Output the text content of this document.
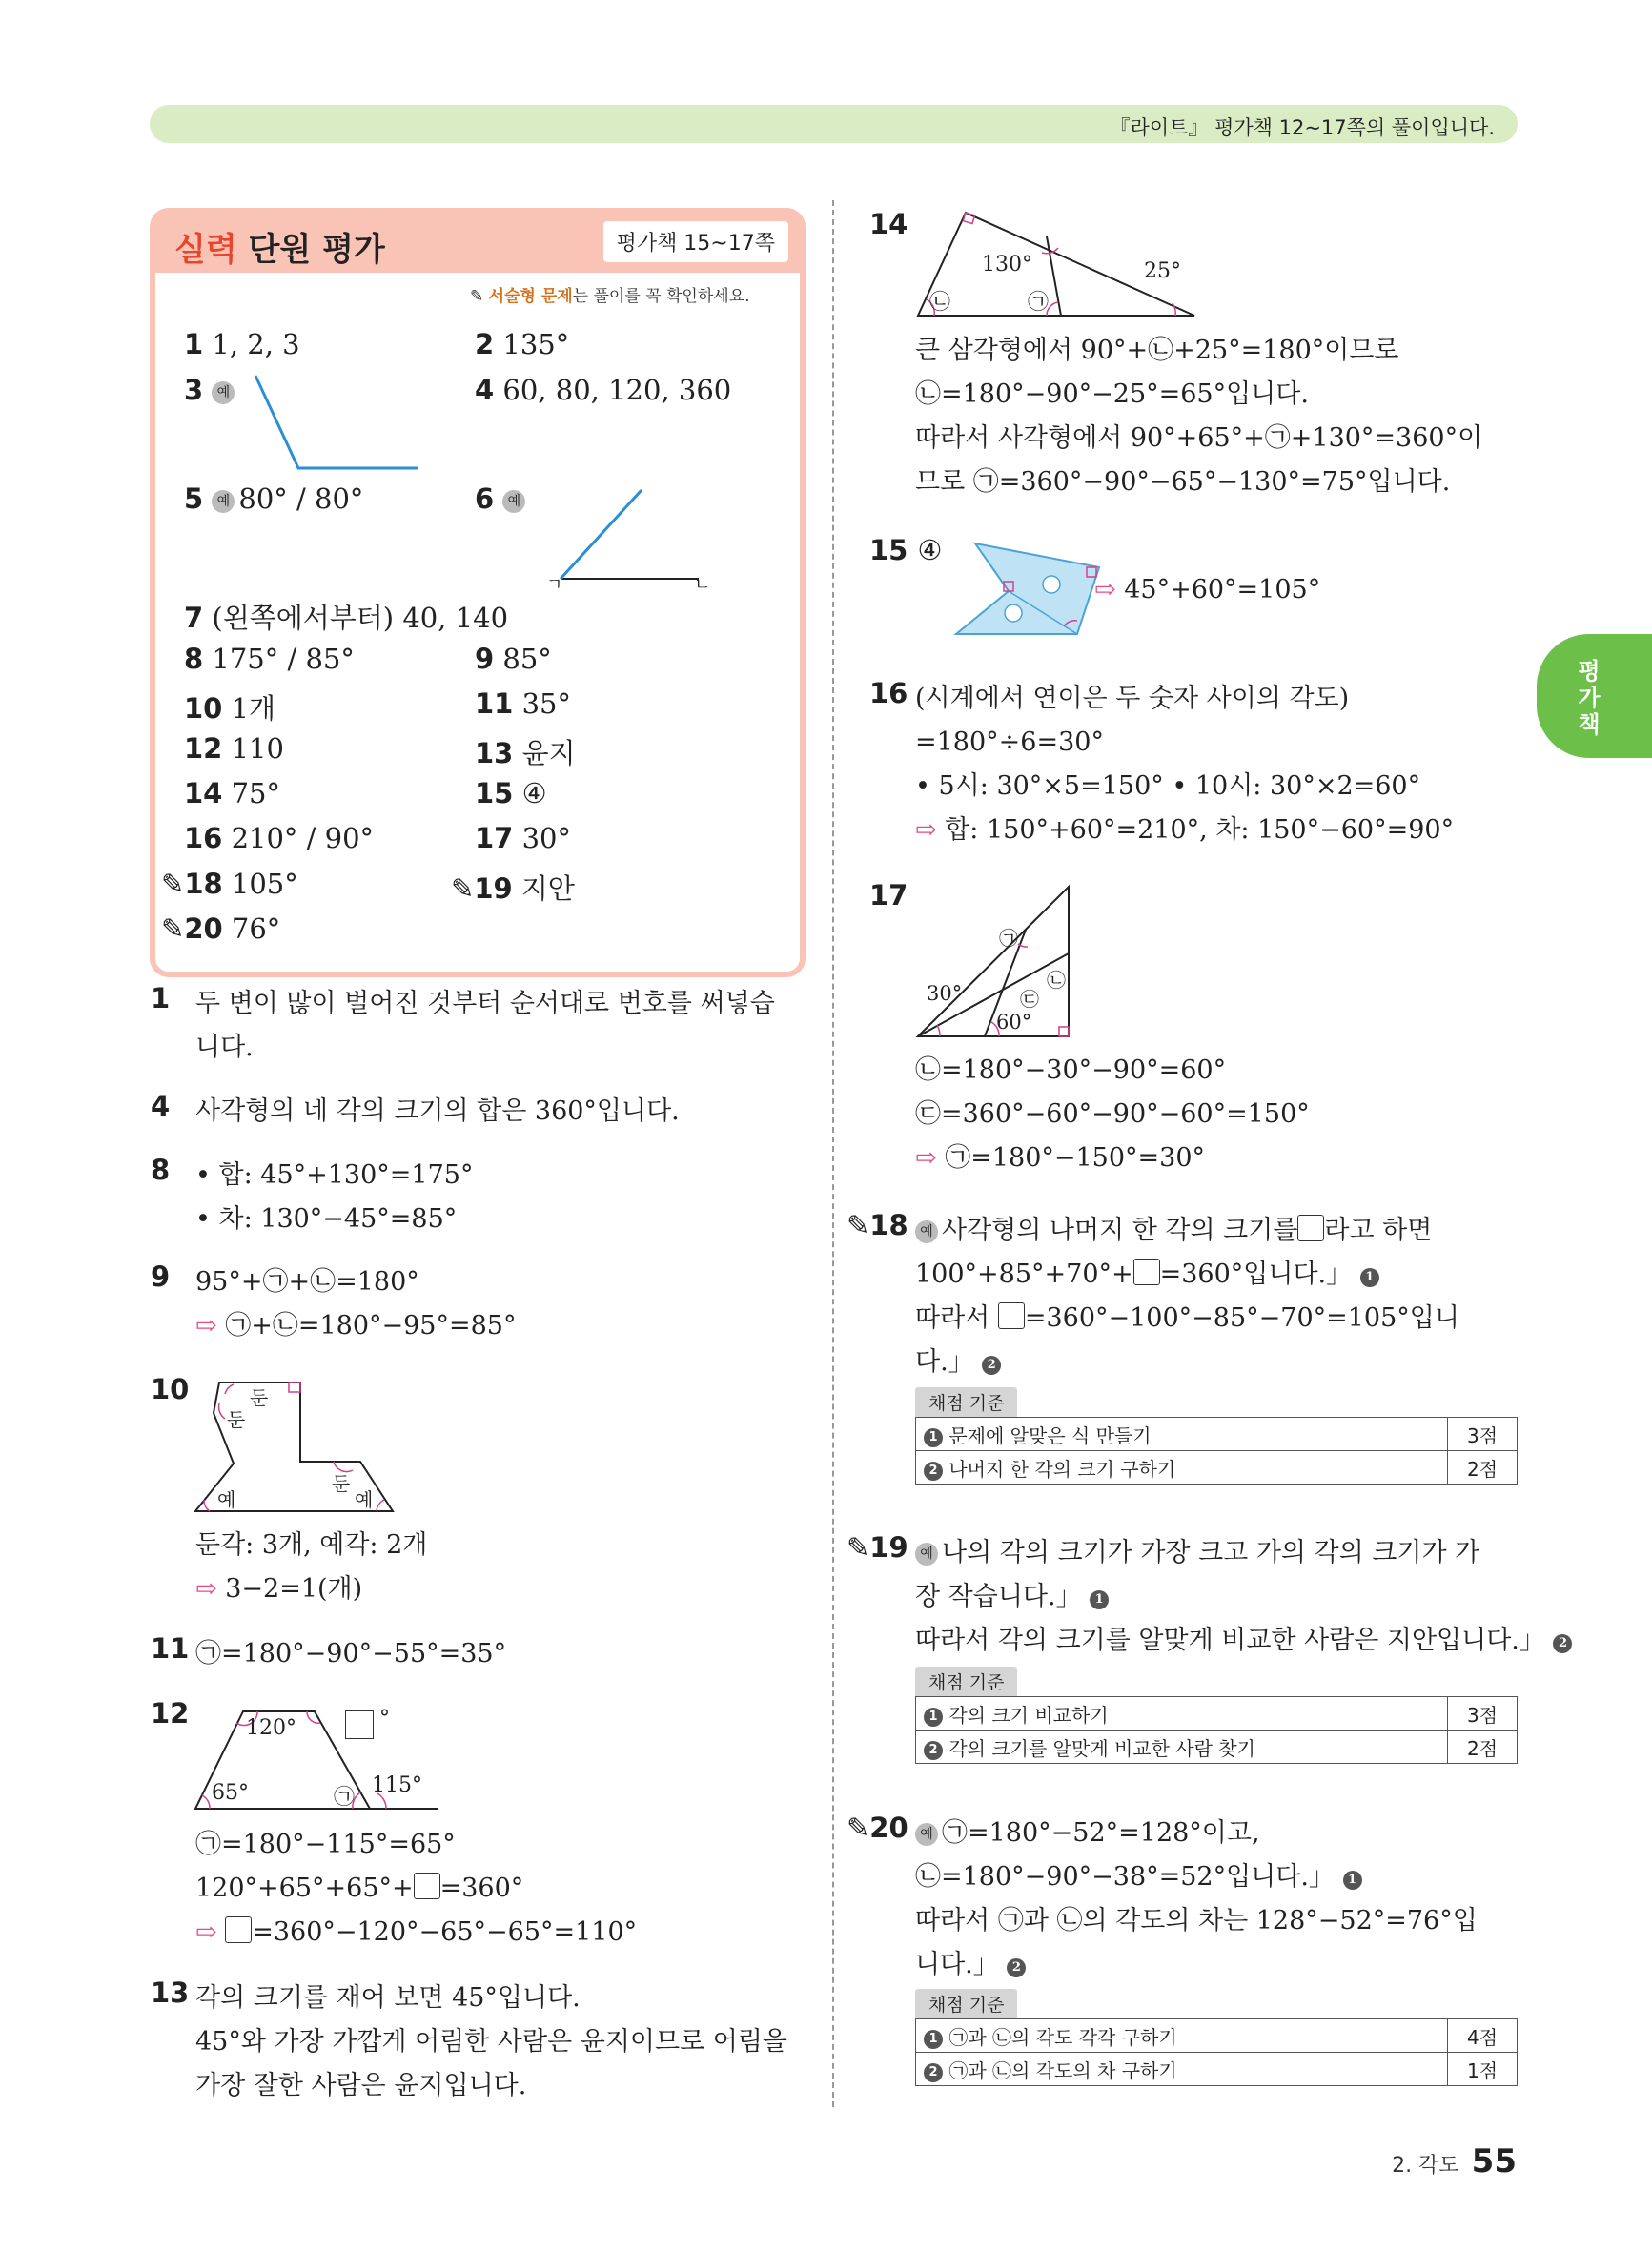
『라이트』 평가책 12~17쪽의 풀이입니다.
평가책
실력 단원 평가	평가책 15~17쪽
✎ 서술형 문제는 풀이를 꼭 확인하세요.
1 1, 2, 3	2 135°
3 예	4 60, 80, 120, 360
5 예 80° / 80°	6 예
ㄱ	ㄴ
7 (왼쪽에서부터) 40, 140
8 175° / 85°	9 85°
10 1개	11 35°
12 110	13 윤지
14 75°	15 ④
16 210° / 90°	17 30°
✎18 105°	✎19 지안
✎20 76°
1 두 변이 많이 벌어진 것부터 순서대로 번호를 써넣습
니다.
4 사각형의 네 각의 크기의 합은 360°입니다.
8 • 합: 45°+130°=175°
• 차: 130°−45°=85°
9 95°+㉠+㉡=180°
⇨ ㉠+㉡=180°−95°=85°
10	둔
둔
둔
예	예
둔각: 3개, 예각: 2개
⇨ 3−2=1(개)
11 ㉠=180°−90°−55°=35°
12	120°	°
65°	㉠
115°
㉠=180°−115°=65°
120°+65°+65°+ =360°
⇨ =360°−120°−65°−65°=110°
13 각의 크기를 재어 보면 45°입니다.
45°와 가장 가깝게 어림한 사람은 윤지이므로 어림을
가장 잘한 사람은 윤지입니다.
14
130°	25°
㉡	㉠
큰 삼각형에서 90°+㉡+25°=180°이므로
㉡=180°−90°−25°=65°입니다.
따라서 사각형에서 90°+65°+㉠+130°=360°이
므로 ㉠=360°−90°−65°−130°=75°입니다.
15 ④
⇨ 45°+60°=105°
16 (시계에서 연이은 두 숫자 사이의 각도)
=180°÷6=30°
• 5시: 30°×5=150° • 10시: 30°×2=60°
⇨ 합: 150°+60°=210°, 차: 150°−60°=90°
17
㉠
㉡
㉢
30°
60°
㉡=180°−30°−90°=60°
㉢=360°−60°−90°−60°=150°
⇨ ㉠=180°−150°=30°
✎18 예 사각형의 나머지 한 각의 크기를 라고 하면
100°+85°+70°+ =360°입니다.」 1
따라서 =360°−100°−85°−70°=105°입니
다.」 2
채점 기준
1 문제에 알맞은 식 만들기	3점
2 나머지 한 각의 크기 구하기	2점
✎19 예 나의 각의 크기가 가장 크고 가의 각의 크기가 가
장 작습니다.」 1
따라서 각의 크기를 알맞게 비교한 사람은 지안입니다.」 2
채점 기준
1 각의 크기 비교하기	3점
2 각의 크기를 알맞게 비교한 사람 찾기	2점
✎20 예 ㉠=180°−52°=128°이고,
㉡=180°−90°−38°=52°입니다.」 1
따라서 ㉠과 ㉡의 각도의 차는 128°−52°=76°입
니다.」 2
채점 기준
1 ㉠과 ㉡의 각도 각각 구하기	4점
2 ㉠과 ㉡의 각도의 차 구하기	1점
2. 각도 55
